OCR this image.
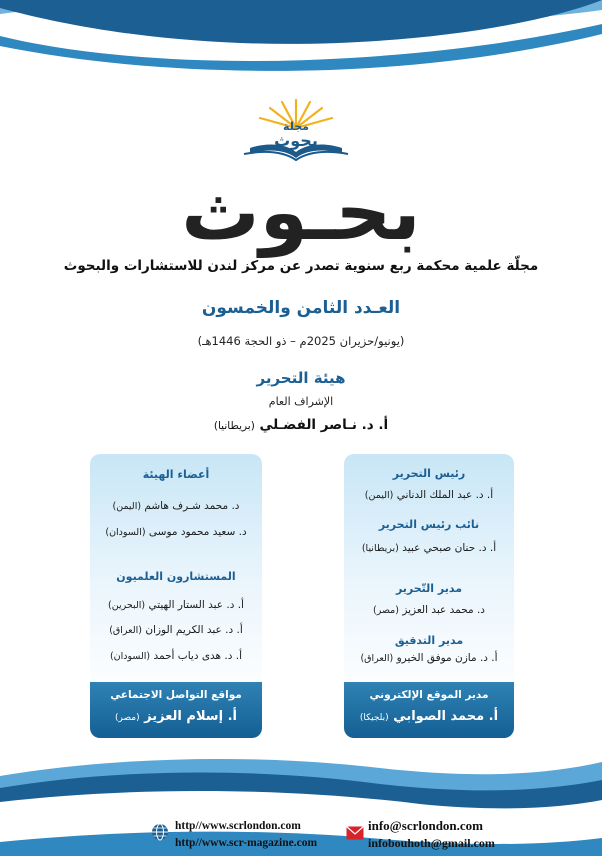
مجلة
بحوث
بحـوث
مجلّة علمية محكمة ربع سنوية تصدر عن مركز لندن للاستشارات والبحوث
العـدد الثامن والخمسون
(يونيو/حزيران 2025م – ذو الحجة 1446هـ)
هيئة التحرير
الإشراف العام
أ. د. نـاصر الفضـلي (بريطانيا)
رئيس التحرير
أ. د. عبد الملك الدناني (اليمن)
نائب رئيس التحرير
أ. د. حنان صبحي عبيد (بريطانيا)
مدير التّحرير
د. محمد عبد العزيز (مصر)
مدير التدقيق
أ. د. مازن موفق الخيرو (العراق)
مدير الموقع الإلكتروني
أ. محمد الصوابي (بلجيكا)
أعضاء الهيئة
د. محمد شـرف هاشم (اليمن)
د. سعيد محمود موسى (السودان)
المستشارون العلميون
أ. د. عبد الستار الهيتي (البحرين)
أ. د. عبد الكريم الوزان (العراق)
أ. د. هدى دياب أحمد (السودان)
مواقع التواصل الاجتماعي
أ. إسلام العزيز (مصر)
http//www.scrlondon.com
http//www.scr-magazine.com
info@scrlondon.com
infobouhoth@gmail.com
